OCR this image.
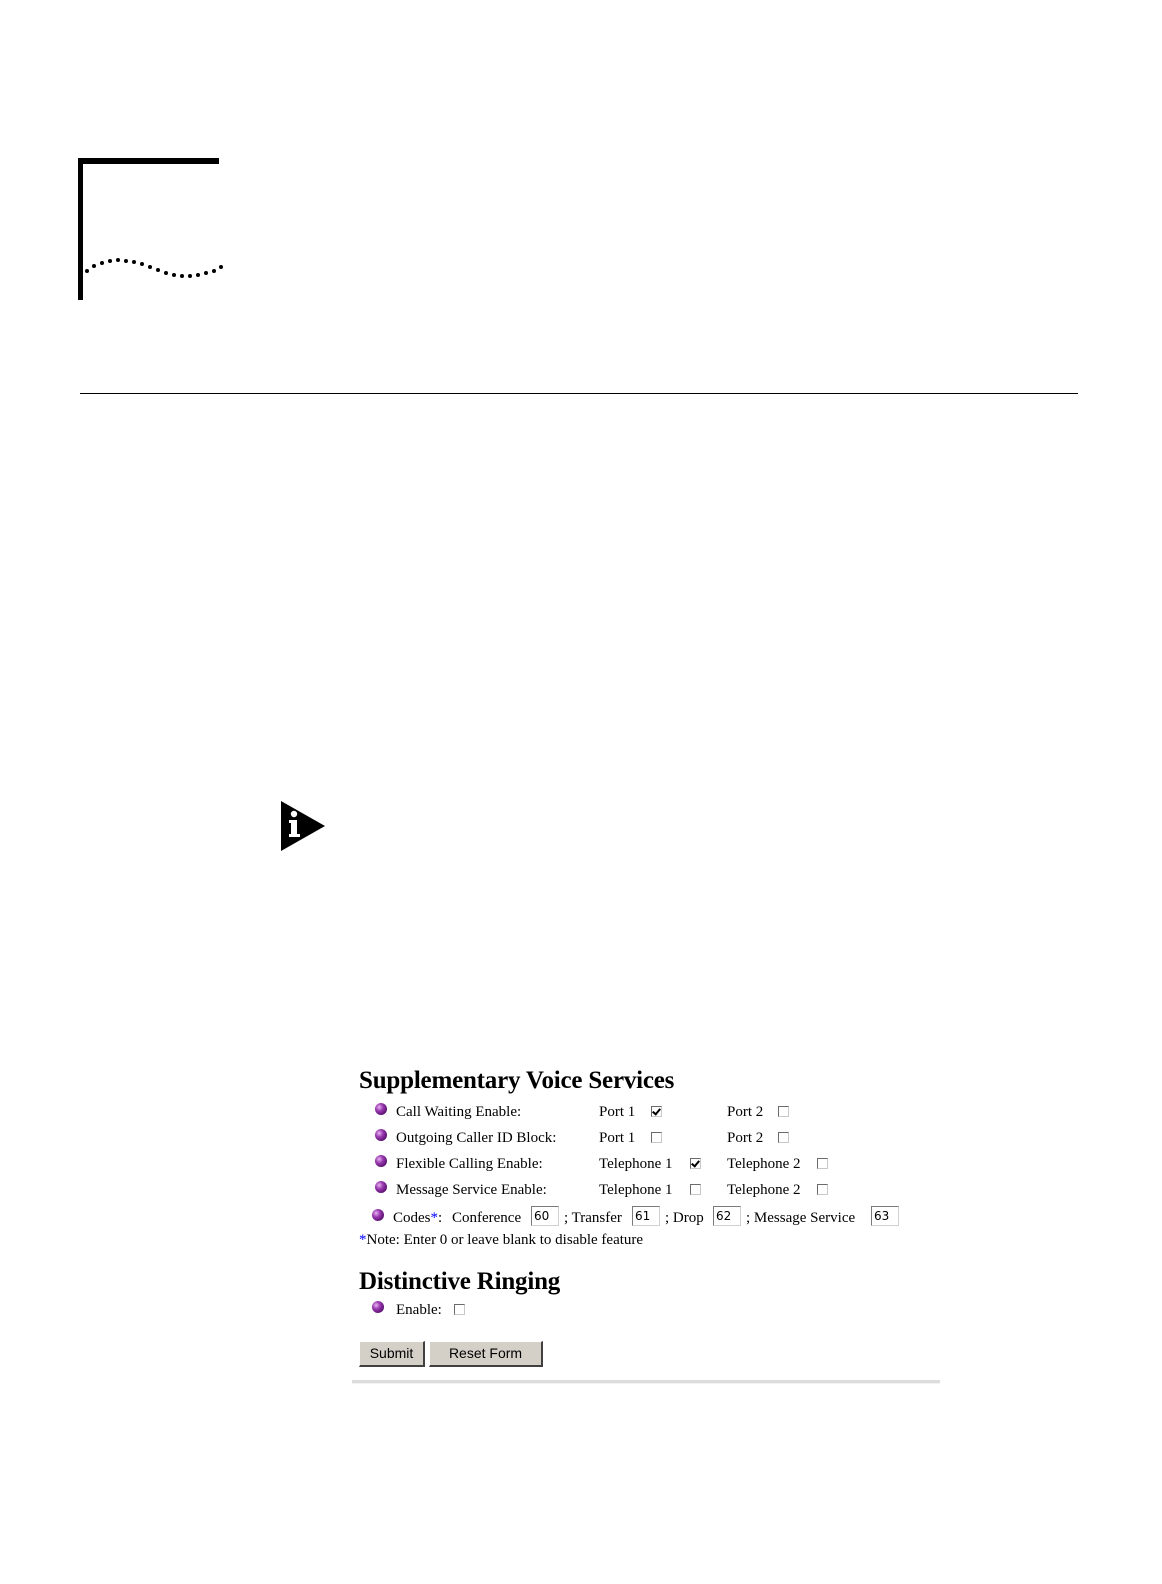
Supplementary Voice Services
Call Waiting Enable:	Port 1	Port 2
Outgoing Caller ID Block:	Port 1	Port 2
Flexible Calling Enable:	Telephone 1	Telephone 2
Message Service Enable:	Telephone 1	Telephone 2
Codes*: Conference 60 ; Transfer 61 ; Drop 62 ; Message Service 63
*Note: Enter 0 or leave blank to disable feature
Distinctive Ringing
Enable:
Submit	Reset Form
